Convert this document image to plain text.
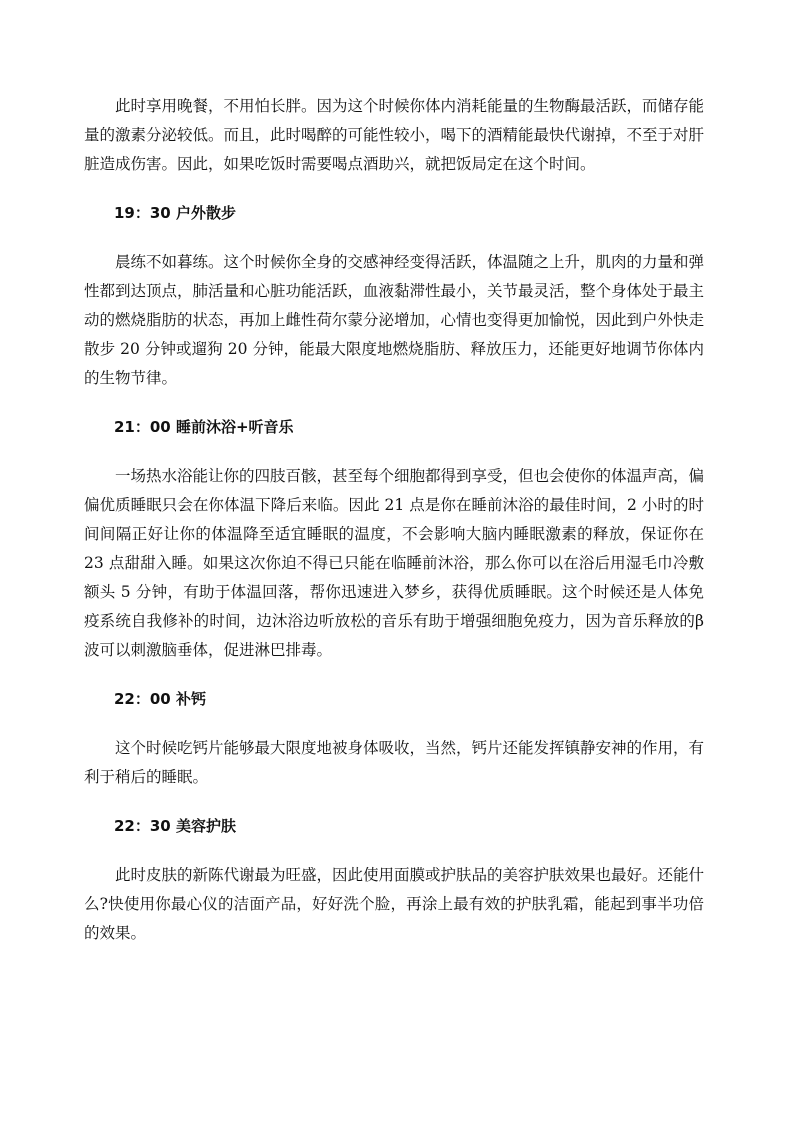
此时享用晚餐，不用怕长胖。因为这个时候你体内消耗能量的生物酶最活跃，而储存能量的激素分泌较低。而且，此时喝醉的可能性较小，喝下的酒精能最快代谢掉，不至于对肝脏造成伤害。因此，如果吃饭时需要喝点酒助兴，就把饭局定在这个时间。

19：30 户外散步

晨练不如暮练。这个时候你全身的交感神经变得活跃，体温随之上升，肌肉的力量和弹性都到达顶点，肺活量和心脏功能活跃，血液黏滞性最小，关节最灵活，整个身体处于最主动的燃烧脂肪的状态，再加上雌性荷尔蒙分泌增加，心情也变得更加愉悦，因此到户外快走散步 20 分钟或遛狗 20 分钟，能最大限度地燃烧脂肪、释放压力，还能更好地调节你体内的生物节律。

21：00 睡前沐浴+听音乐

一场热水浴能让你的四肢百骸，甚至每个细胞都得到享受，但也会使你的体温声高，偏偏优质睡眠只会在你体温下降后来临。因此 21 点是你在睡前沐浴的最佳时间，2 小时的时间间隔正好让你的体温降至适宜睡眠的温度，不会影响大脑内睡眠激素的释放，保证你在 23 点甜甜入睡。如果这次你迫不得已只能在临睡前沐浴，那么你可以在浴后用湿毛巾冷敷额头 5 分钟，有助于体温回落，帮你迅速进入梦乡，获得优质睡眠。这个时候还是人体免疫系统自我修补的时间，边沐浴边听放松的音乐有助于增强细胞免疫力，因为音乐释放的β波可以刺激脑垂体，促进淋巴排毒。

22：00 补钙

这个时候吃钙片能够最大限度地被身体吸收，当然，钙片还能发挥镇静安神的作用，有利于稍后的睡眠。

22：30 美容护肤

此时皮肤的新陈代谢最为旺盛，因此使用面膜或护肤品的美容护肤效果也最好。还能什么?快使用你最心仪的洁面产品，好好洗个脸，再涂上最有效的护肤乳霜，能起到事半功倍的效果。
